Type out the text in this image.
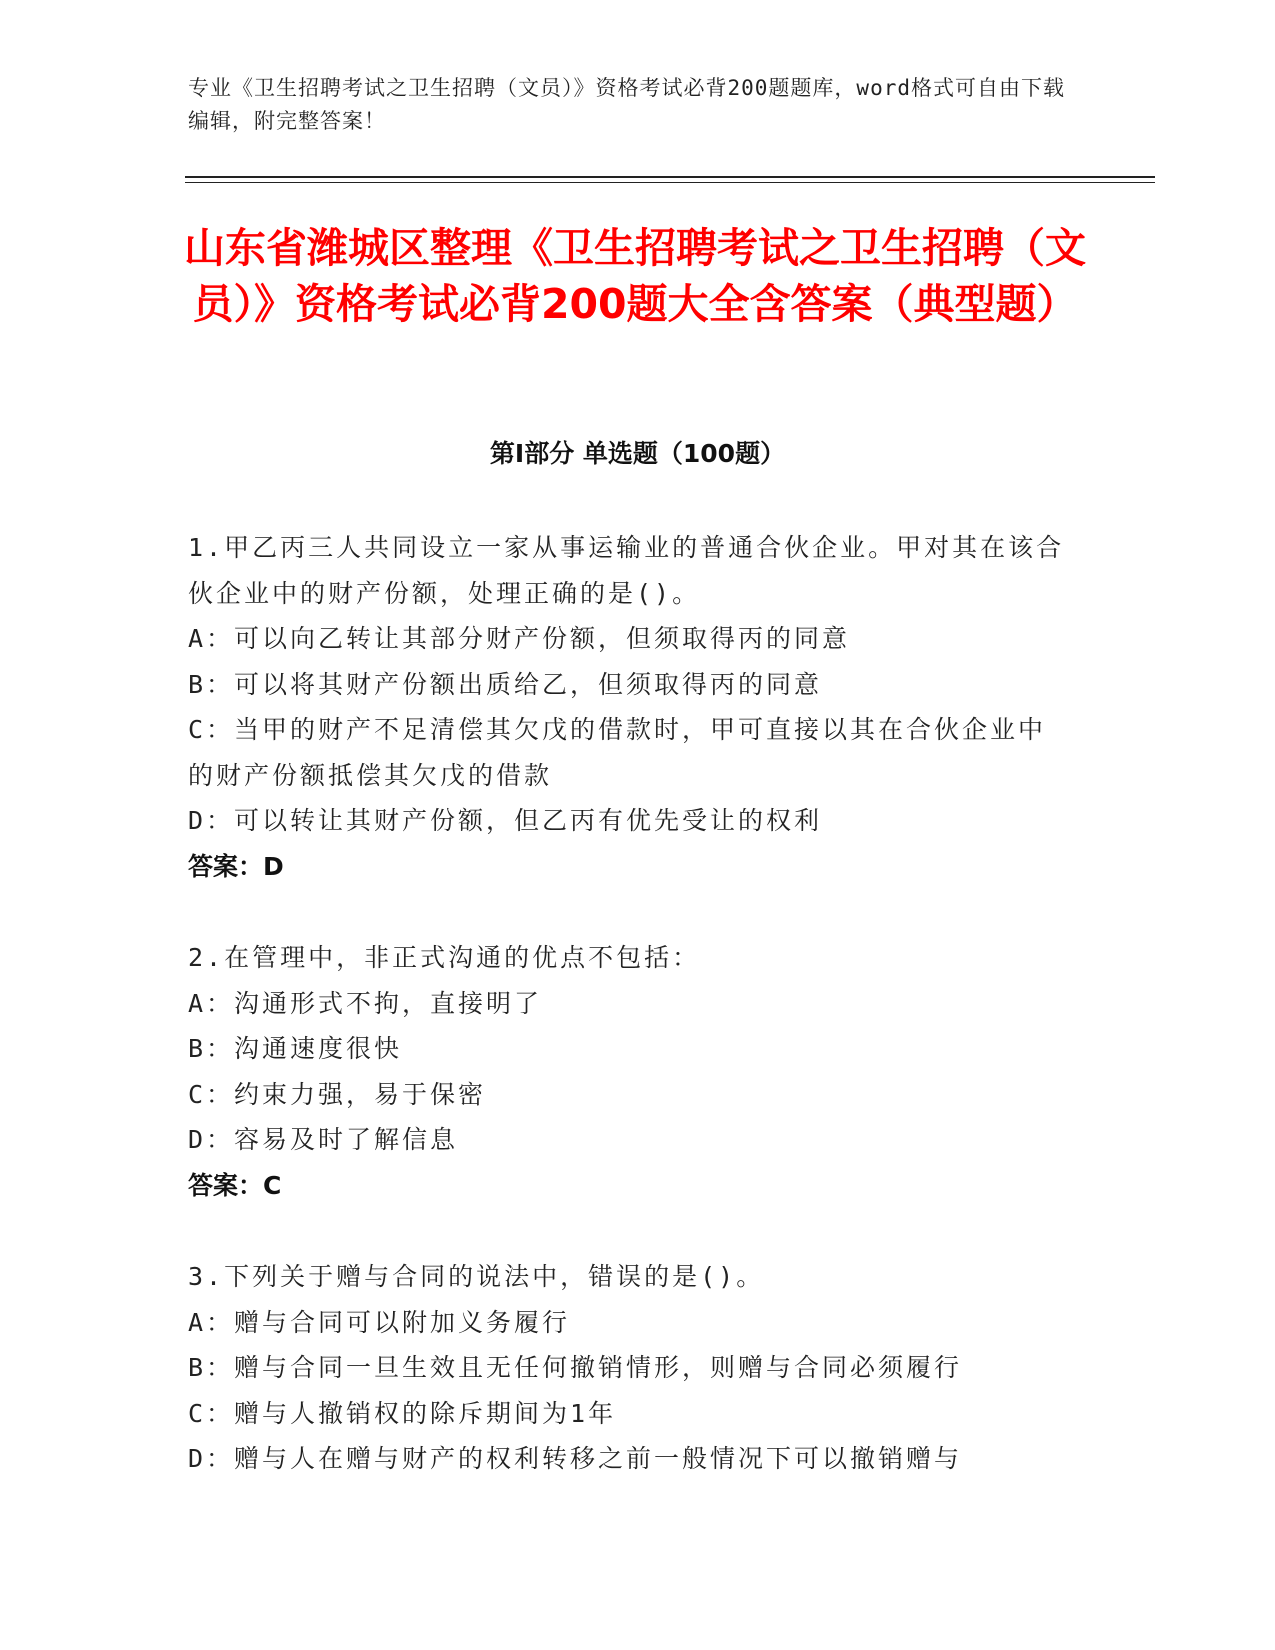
专业《卫生招聘考试之卫生招聘（文员）》资格考试必背200题题库，word格式可自由下载编辑，附完整答案！
山东省潍城区整理《卫生招聘考试之卫生招聘（文员）》资格考试必背200题大全含答案（典型题）
第Ⅰ部分 单选题（100题）
1.甲乙丙三人共同设立一家从事运输业的普通合伙企业。甲对其在该合伙企业中的财产份额，处理正确的是()。
A：可以向乙转让其部分财产份额，但须取得丙的同意
B：可以将其财产份额出质给乙，但须取得丙的同意
C：当甲的财产不足清偿其欠戊的借款时，甲可直接以其在合伙企业中的财产份额抵偿其欠戊的借款
D：可以转让其财产份额，但乙丙有优先受让的权利
答案：D
2.在管理中，非正式沟通的优点不包括：
A：沟通形式不拘，直接明了
B：沟通速度很快
C：约束力强，易于保密
D：容易及时了解信息
答案：C
3.下列关于赠与合同的说法中，错误的是()。
A：赠与合同可以附加义务履行
B：赠与合同一旦生效且无任何撤销情形，则赠与合同必须履行
C：赠与人撤销权的除斥期间为1年
D：赠与人在赠与财产的权利转移之前一般情况下可以撤销赠与
